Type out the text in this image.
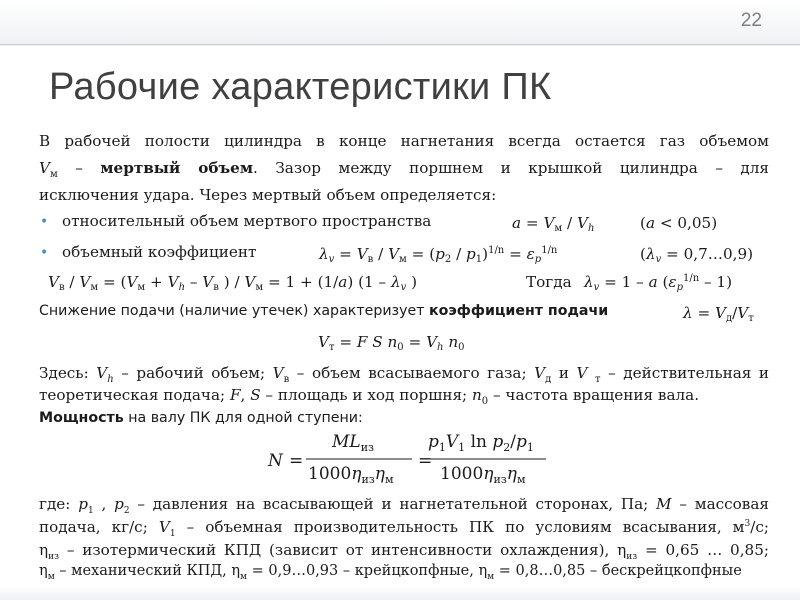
22
Рабочие характеристики ПК
В рабочей полости цилиндра в конце нагнетания всегда остается газ объемом
$V_м$ – мертвый объем. Зазор между поршнем и крышкой цилиндра – для
исключения удара. Через мертвый объем определяется:
• относительный объем мертвого пространства
• объемный коэффициент
Снижение подачи (наличие утечек) характеризует коэффициент подачи
Здесь: $V_h$ – рабочий объем; $V_в$ – объем всасываемого газа; $V_д$ и V $_т$ – действительная и
теоретическая подача; F, S – площадь и ход поршня; $n_0$ – частота вращения вала.
Мощность на валу ПК для одной ступени:
где: $p_1$ , $p_2$ – давления на всасывающей и нагнетательной сторонах, Па; M – массовая
подача, кг/с; $V_1$ – объемная производительность ПК по условиям всасывания, $м^3/с$;
$\eta_{из}$ – изотермический КПД (зависит от интенсивности охлаждения), $\eta_{из} = 0,65$ … 0,85;
$\eta_м$ – механический КПД, $\eta_м$ = 0,9…0,93 – крейцкопфные, $\eta_м$ = 0,8…0,85 – бескрейцкопфные
a = Vм / Vh	(a < 0,05)
λv = Vв / Vм = $(p2 / p1)^{1/n} = \varepsilon p^{1/n}$	(λv = 0,7…0,9)
Vв / Vм = (Vм + Vh – Vв ) / Vм = 1 + (1/a) (1 – λv )	Тогда λv = 1 – a $(\varepsilon p^{1/n} - 1)$
λ = Vд/Vт
Vт = F S n0 = Vh n0
N =
$ML_{из}$
$1000\eta_{из}\eta_м$
=
$p_1V_1$ $\ln p_2/p_1$
$1000\eta_{из}\eta_м$
